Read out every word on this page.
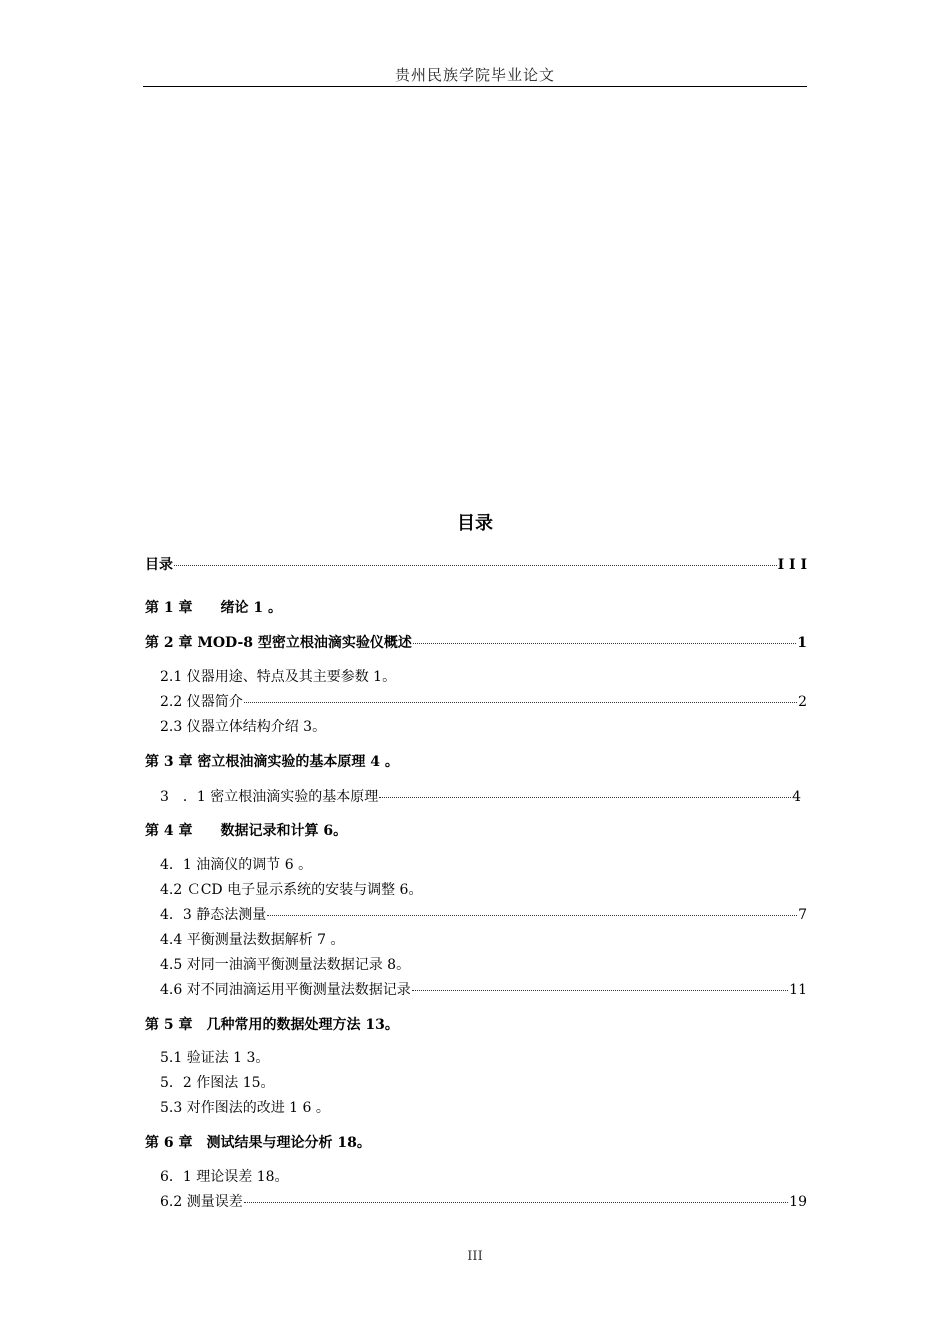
贵州民族学院毕业论文
目录
目录	I I I
第 1 章　　绪论 1 。
第 2 章 MOD-8 型密立根油滴实验仪概述	1
2.1 仪器用途、特点及其主要参数 1。
2.2 仪器简介	2
2.3 仪器立体结构介绍 3。
第 3 章 密立根油滴实验的基本原理 4 。
3　．1 密立根油滴实验的基本原理	4
第 4 章　　数据记录和计算 6。
4．1 油滴仪的调节 6 。
4.2 ＣCD 电子显示系统的安装与调整 6。
4．3 静态法测量	7
4.4 平衡测量法数据解析 7 。
4.5 对同一油滴平衡测量法数据记录 8。
4.6 对不同油滴运用平衡测量法数据记录	11
第 5 章　几种常用的数据处理方法 13。
5.1 验证法 1 3。
5．2 作图法 15。
5.3 对作图法的改进 1 6 。
第 6 章　测试结果与理论分析 18。
6．1 理论误差 18。
6.2 测量误差	19
III
